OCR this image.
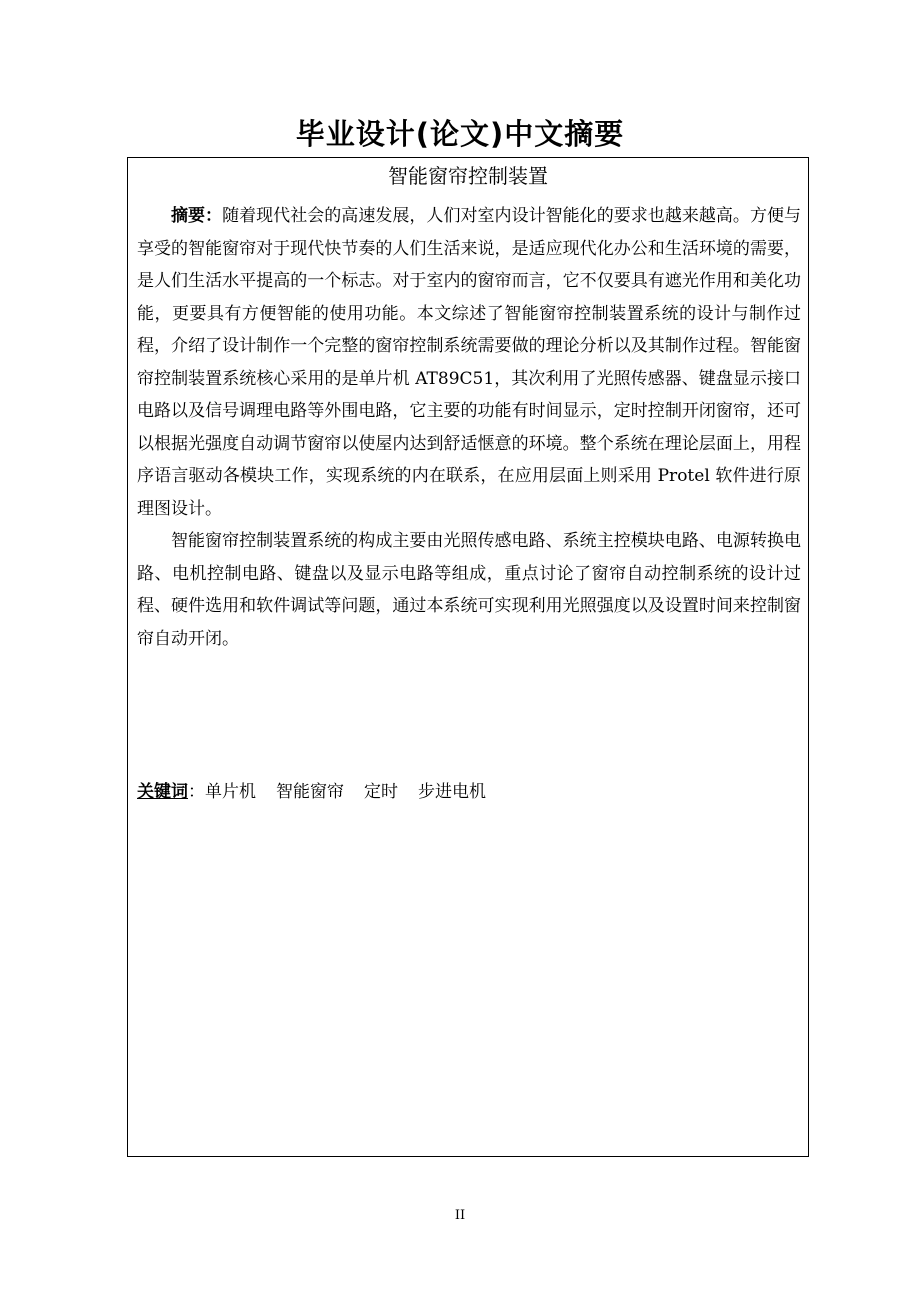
毕业设计(论文)中文摘要
智能窗帘控制装置

摘要：随着现代社会的高速发展，人们对室内设计智能化的要求也越来越高。方便与享受的智能窗帘对于现代快节奏的人们生活来说，是适应现代化办公和生活环境的需要，是人们生活水平提高的一个标志。对于室内的窗帘而言，它不仅要具有遮光作用和美化功能，更要具有方便智能的使用功能。本文综述了智能窗帘控制装置系统的设计与制作过程，介绍了设计制作一个完整的窗帘控制系统需要做的理论分析以及其制作过程。智能窗帘控制装置系统核心采用的是单片机 AT89C51，其次利用了光照传感器、键盘显示接口电路以及信号调理电路等外围电路，它主要的功能有时间显示，定时控制开闭窗帘，还可以根据光强度自动调节窗帘以使屋内达到舒适惬意的环境。整个系统在理论层面上，用程序语言驱动各模块工作，实现系统的内在联系，在应用层面上则采用 Protel 软件进行原理图设计。

智能窗帘控制装置系统的构成主要由光照传感电路、系统主控模块电路、电源转换电路、电机控制电路、键盘以及显示电路等组成，重点讨论了窗帘自动控制系统的设计过程、硬件选用和软件调试等问题，通过本系统可实现利用光照强度以及设置时间来控制窗帘自动开闭。

关键词：单片机 智能窗帘 定时 步进电机
II
